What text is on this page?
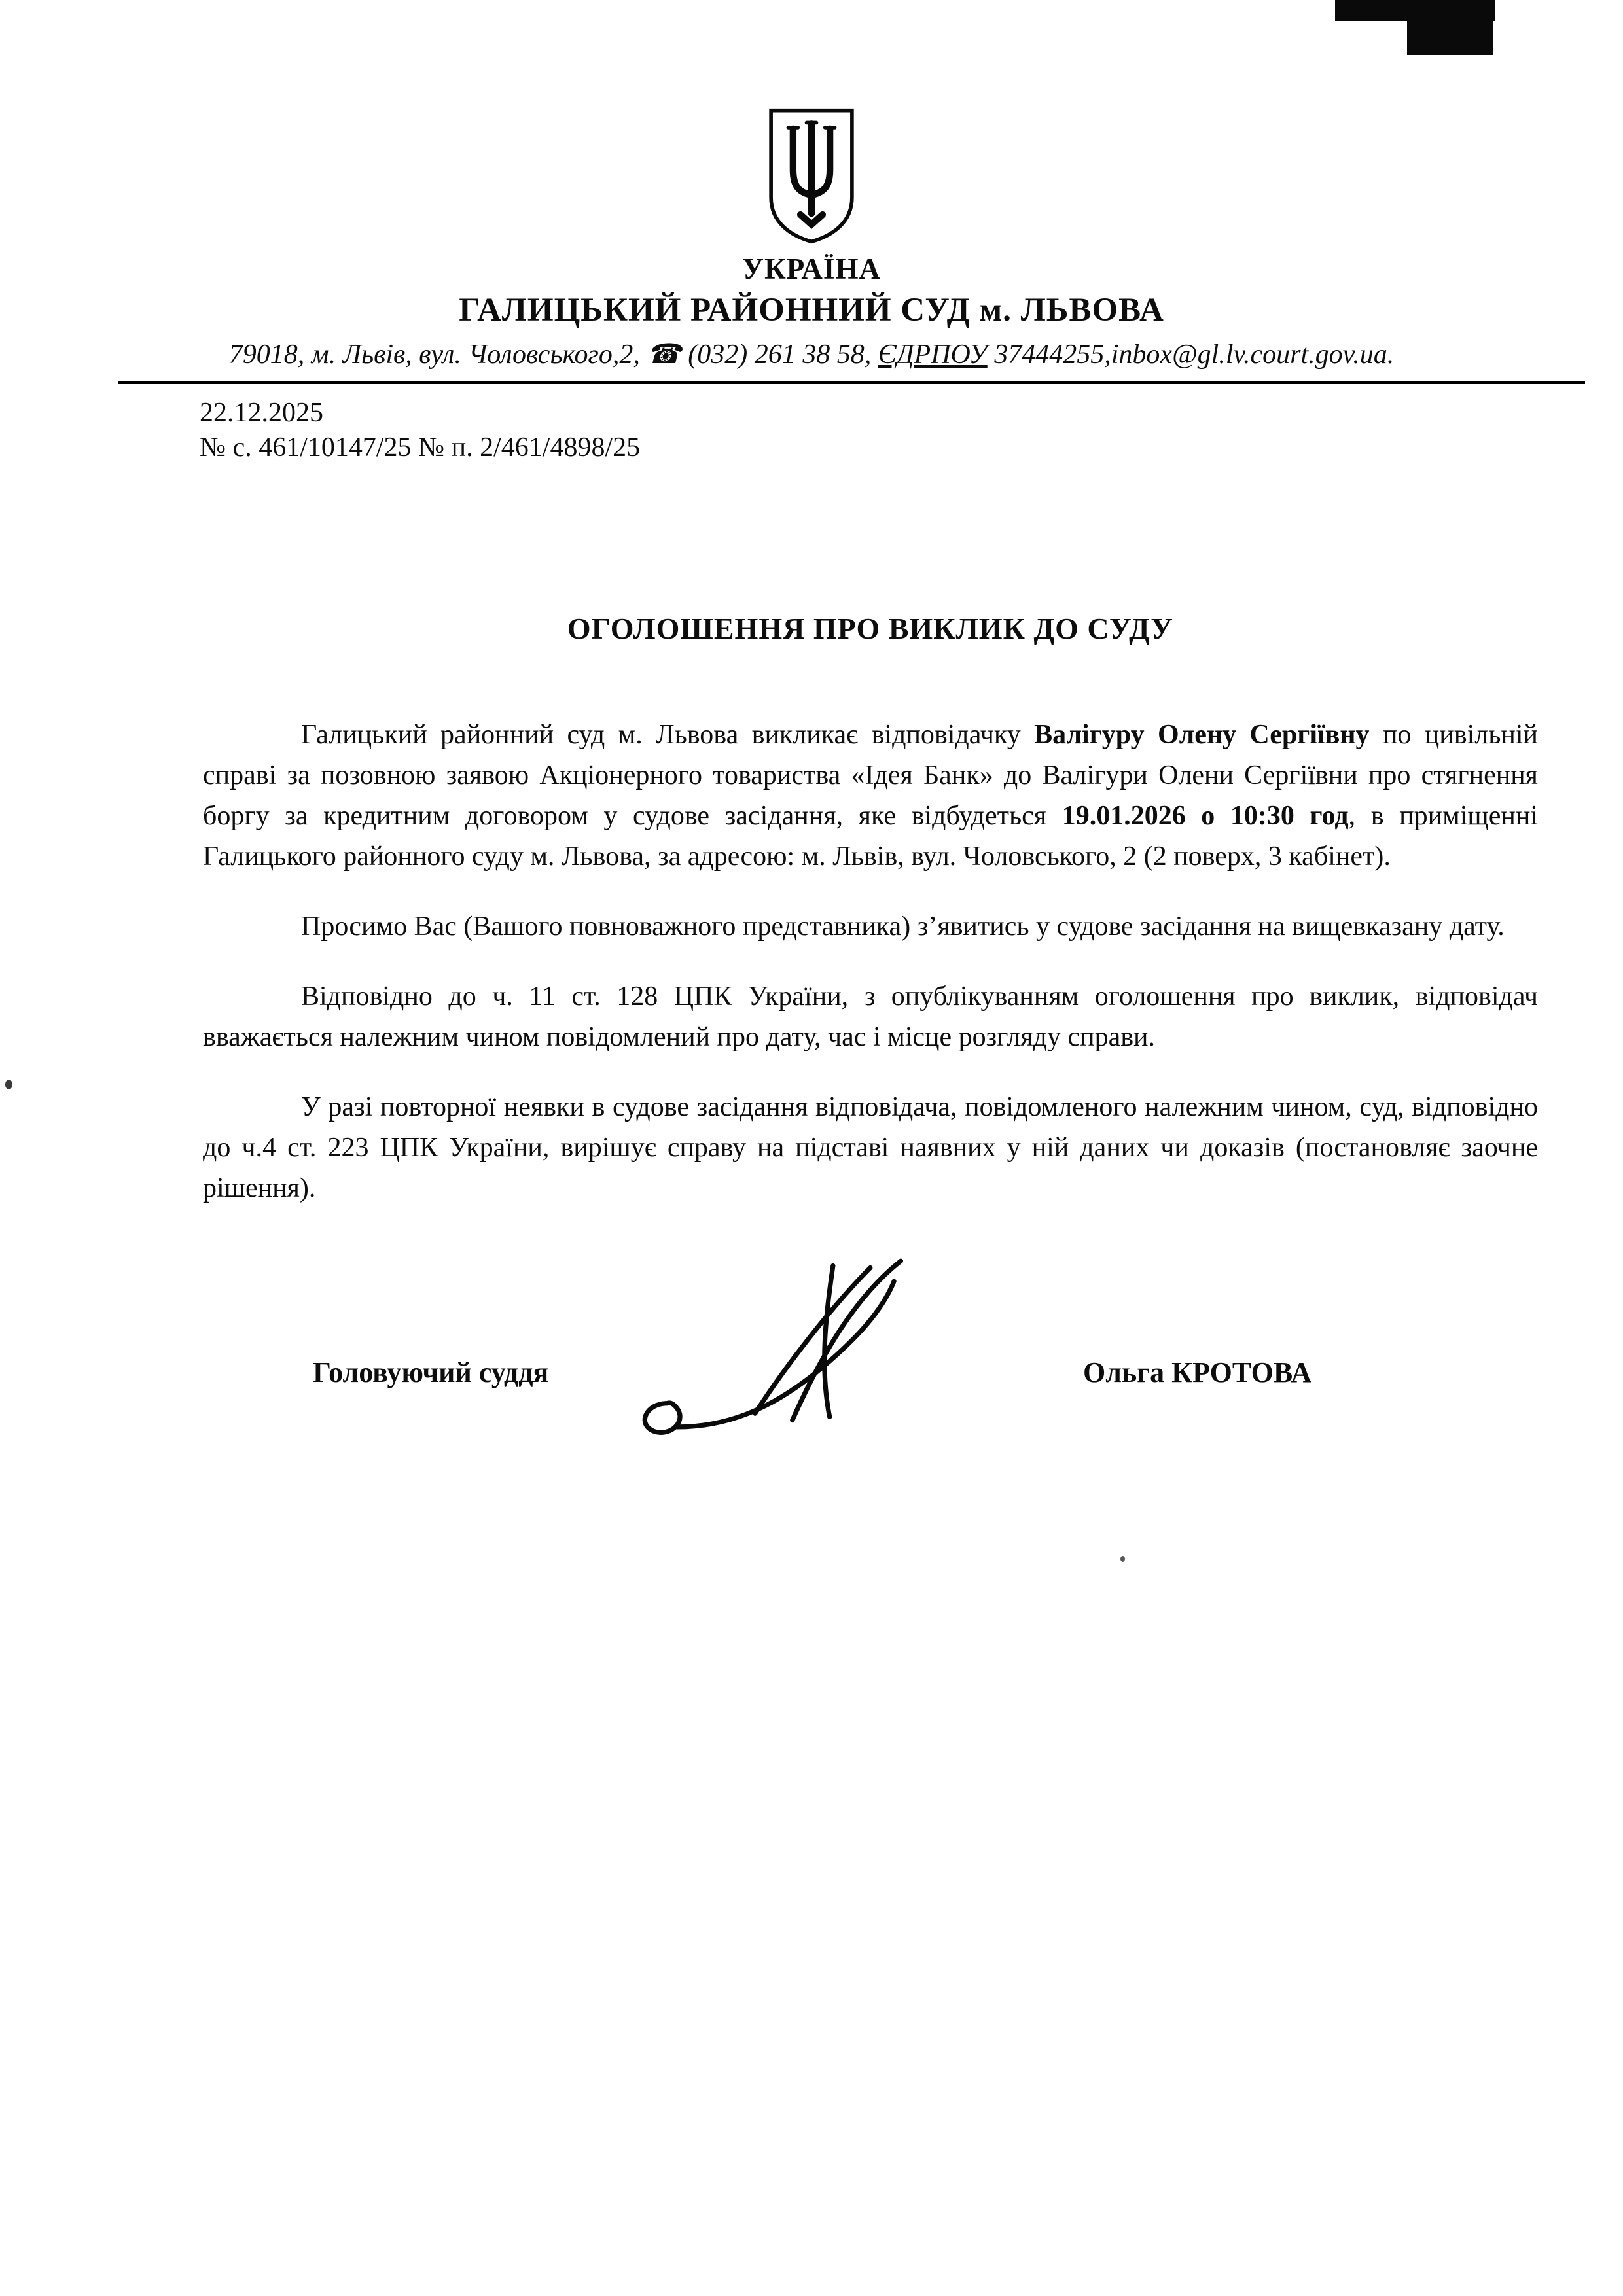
УКРАЇНА
ГАЛИЦЬКИЙ РАЙОННИЙ СУД м. ЛЬВОВА
79018, м. Львів, вул. Чоловського,2, ☎ (032) 261 38 58, ЄДРПОУ 37444255,inbox@gl.lv.court.gov.ua.
22.12.2025
№ с. 461/10147/25 № п. 2/461/4898/25
ОГОЛОШЕННЯ ПРО ВИКЛИК ДО СУДУ

Галицький районний суд м. Львова викликає відповідачку Валігуру Олену Сергіївну по цивільній справі за позовною заявою Акціонерного товариства «Ідея Банк» до Валігури Олени Сергіївни про стягнення боргу за кредитним договором у судове засідання, яке відбудеться 19.01.2026 о 10:30 год, в приміщенні Галицького районного суду м. Львова, за адресою: м. Львів, вул. Чоловського, 2 (2 поверх, 3 кабінет).

Просимо Вас (Вашого повноважного представника) з’явитись у судове засідання на вищевказану дату.

Відповідно до ч. 11 ст. 128 ЦПК України, з опублікуванням оголошення про виклик, відповідач вважається належним чином повідомлений про дату, час і місце розгляду справи.

У разі повторної неявки в судове засідання відповідача, повідомленого належним чином, суд, відповідно до ч.4 ст. 223 ЦПК України, вирішує справу на підставі наявних у ній даних чи доказів (постановляє заочне рішення).

Головуючий суддя	Ольга КРОТОВА
